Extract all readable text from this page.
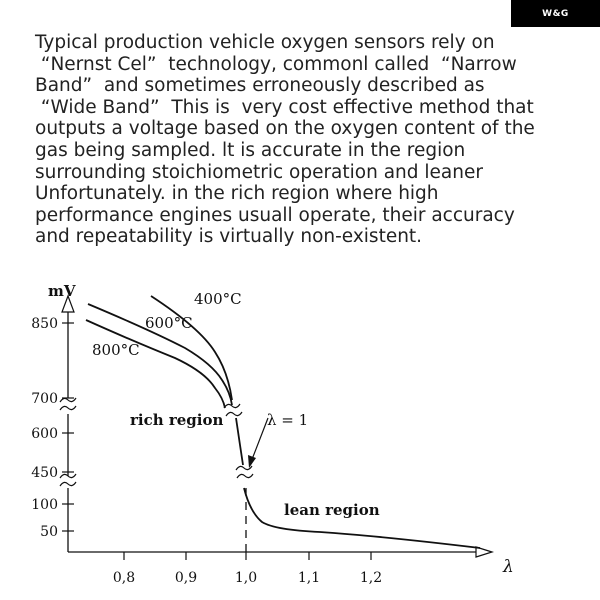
W&G
Typical production vehicle oxygen sensors rely on
“Nernst Cel”  technology, commonl called  “Narrow
Band”  and sometimes erroneously described as
“Wide Band”  This is  very cost effective method that
outputs a voltage based on the oxygen content of the
gas being sampled. lt is accurate in the region
surrounding stoichiometric operation and leaner
Unfortunately. in the rich region where high
performance engines usuall operate, their accuracy
and repeatability is virtually non-existent.
850
700
600
450
100
50
mV
0,8	0,9	1,0	1,1	1,2
λ
400°C
600°C
800°C
rich region
lean region
λ = 1
